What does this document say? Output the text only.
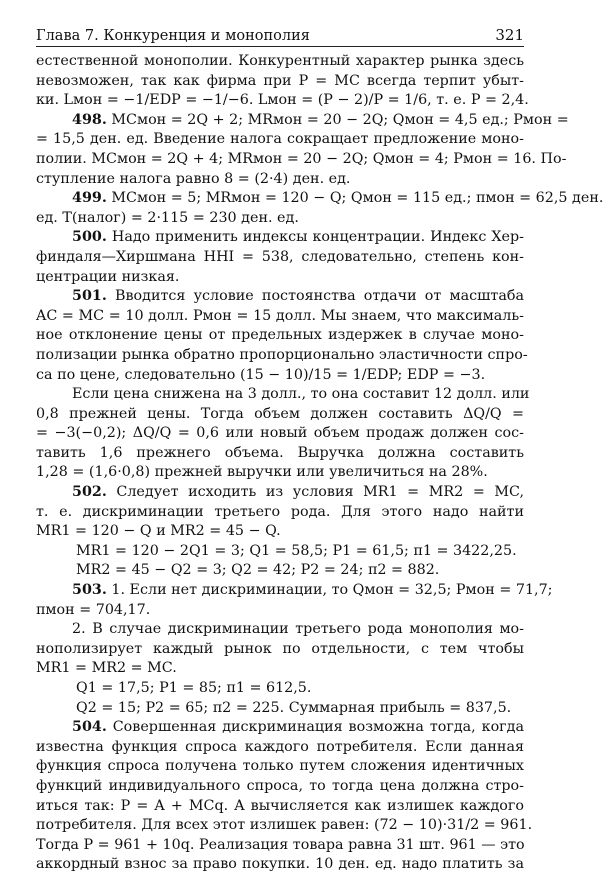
Глава 7. Конкуренция и монополия	321
естественной монополии. Конкурентный характер рынка здесь
невозможен, так как фирма при P = MC всегда терпит убыт-
ки. Lмон = −1/EDP = −1/−6. Lмон = (P − 2)/P = 1/6, т. е. P = 2,4.
498. MCмон = 2Q + 2; MRмон = 20 − 2Q; Qмон = 4,5 ед.; Pмон =
= 15,5 ден. ед. Введение налога сокращает предложение моно-
полии. MCмон = 2Q + 4; MRмон = 20 − 2Q; Qмон = 4; Pмон = 16. По-
ступление налога равно 8 = (2·4) ден. ед.
499. MCмон = 5; MRмон = 120 − Q; Qмон = 115 ед.; πмон = 62,5 ден.
ед. T(налог) = 2·115 = 230 ден. ед.
500. Надо применить индексы концентрации. Индекс Хер-
финдаля—Хиршмана HHI = 538, следовательно, степень кон-
центрации низкая.
501. Вводится условие постоянства отдачи от масштаба
AC = MC = 10 долл. Pмон = 15 долл. Мы знаем, что максималь-
ное отклонение цены от предельных издержек в случае моно-
полизации рынка обратно пропорционально эластичности спро-
са по цене, следовательно (15 − 10)/15 = 1/EDP; EDP = −3.
Если цена снижена на 3 долл., то она составит 12 долл. или
0,8 прежней цены. Тогда объем должен составить ΔQ/Q =
= −3(−0,2); ΔQ/Q = 0,6 или новый объем продаж должен сос-
тавить 1,6 прежнего объема. Выручка должна составить
1,28 = (1,6·0,8) прежней выручки или увеличиться на 28%.
502. Следует исходить из условия MR1 = MR2 = MC,
т. е. дискриминации третьего рода. Для этого надо найти
MR1 = 120 − Q и MR2 = 45 − Q.
MR1 = 120 − 2Q1 = 3; Q1 = 58,5; P1 = 61,5; π1 = 3422,25.
MR2 = 45 − Q2 = 3; Q2 = 42; P2 = 24; π2 = 882.
503. 1. Если нет дискриминации, то Qмон = 32,5; Pмон = 71,7;
πмон = 704,17.
2. В случае дискриминации третьего рода монополия мо-
нополизирует каждый рынок по отдельности, с тем чтобы
MR1 = MR2 = MC.
Q1 = 17,5; P1 = 85; π1 = 612,5.
Q2 = 15; P2 = 65; π2 = 225. Суммарная прибыль = 837,5.
504. Совершенная дискриминация возможна тогда, когда
известна функция спроса каждого потребителя. Если данная
функция спроса получена только путем сложения идентичных
функций индивидуального спроса, то тогда цена должна стро-
иться так: P = A + MCq. A вычисляется как излишек каждого
потребителя. Для всех этот излишек равен: (72 − 10)·31/2 = 961.
Тогда P = 961 + 10q. Реализация товара равна 31 шт. 961 — это
аккордный взнос за право покупки. 10 ден. ед. надо платить за
